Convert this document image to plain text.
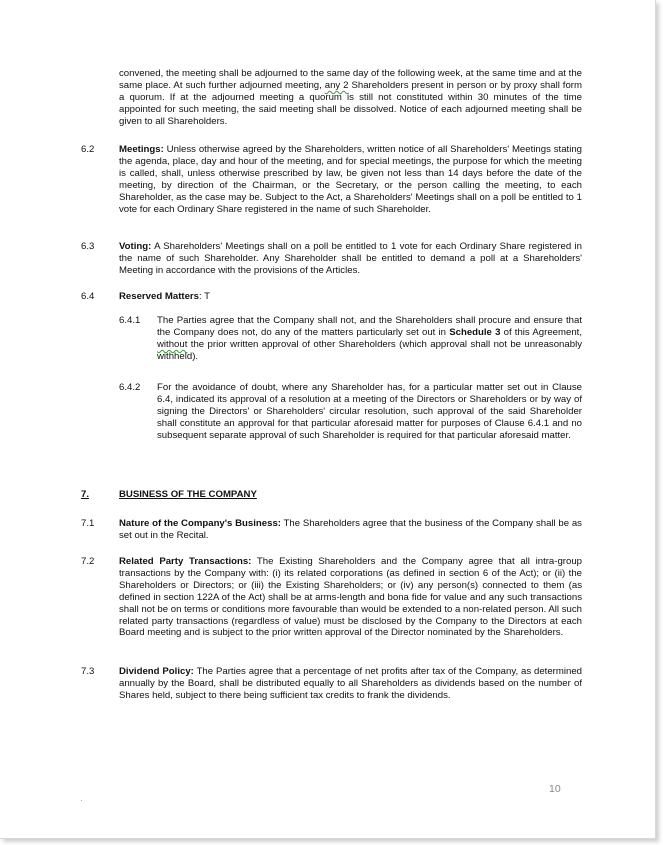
convened, the meeting shall be adjourned to the same day of the following week, at the same time and at the same place. At such further adjourned meeting, any 2 Shareholders present in person or by proxy shall form a quorum. If at the adjourned meeting a quorum is still not constituted within 30 minutes of the time appointed for such meeting, the said meeting shall be dissolved. Notice of each adjourned meeting shall be given to all Shareholders.

6.2	Meetings: Unless otherwise agreed by the Shareholders, written notice of all Shareholders' Meetings stating the agenda, place, day and hour of the meeting, and for special meetings, the purpose for which the meeting is called, shall, unless otherwise prescribed by law, be given not less than 14 days before the date of the meeting, by direction of the Chairman, or the Secretary, or the person calling the meeting, to each Shareholder, as the case may be. Subject to the Act, a Shareholders' Meetings shall on a poll be entitled to 1 vote for each Ordinary Share registered in the name of such Shareholder.

6.3	Voting: A Shareholders' Meetings shall on a poll be entitled to 1 vote for each Ordinary Share registered in the name of such Shareholder. Any Shareholder shall be entitled to demand a poll at a Shareholders' Meeting in accordance with the provisions of the Articles.

6.4	Reserved Matters: T

6.4.1 The Parties agree that the Company shall not, and the Shareholders shall procure and ensure that the Company does not, do any of the matters particularly set out in Schedule 3 of this Agreement, without the prior written approval of other Shareholders (which approval shall not be unreasonably withheld).

6.4.2 For the avoidance of doubt, where any Shareholder has, for a particular matter set out in Clause 6.4, indicated its approval of a resolution at a meeting of the Directors or Shareholders or by way of signing the Directors' or Shareholders' circular resolution, such approval of the said Shareholder shall constitute an approval for that particular aforesaid matter for purposes of Clause 6.4.1 and no subsequent separate approval of such Shareholder is required for that particular aforesaid matter.

7.	BUSINESS OF THE COMPANY

7.1	Nature of the Company's Business: The Shareholders agree that the business of the Company shall be as set out in the Recital.

7.2	Related Party Transactions: The Existing Shareholders and the Company agree that all intra-group transactions by the Company with: (i) its related corporations (as defined in section 6 of the Act); or (ii) the Shareholders or Directors; or (iii) the Existing Shareholders; or (iv) any person(s) connected to them (as defined in section 122A of the Act) shall be at arms-length and bona fide for value and any such transactions shall not be on terms or conditions more favourable than would be extended to a non-related person. All such related party transactions (regardless of value) must be disclosed by the Company to the Directors at each Board meeting and is subject to the prior written approval of the Director nominated by the Shareholders.

7.3	Dividend Policy: The Parties agree that a percentage of net profits after tax of the Company, as determined annually by the Board, shall be distributed equally to all Shareholders as dividends based on the number of Shares held, subject to there being sufficient tax credits to frank the dividends.

10
